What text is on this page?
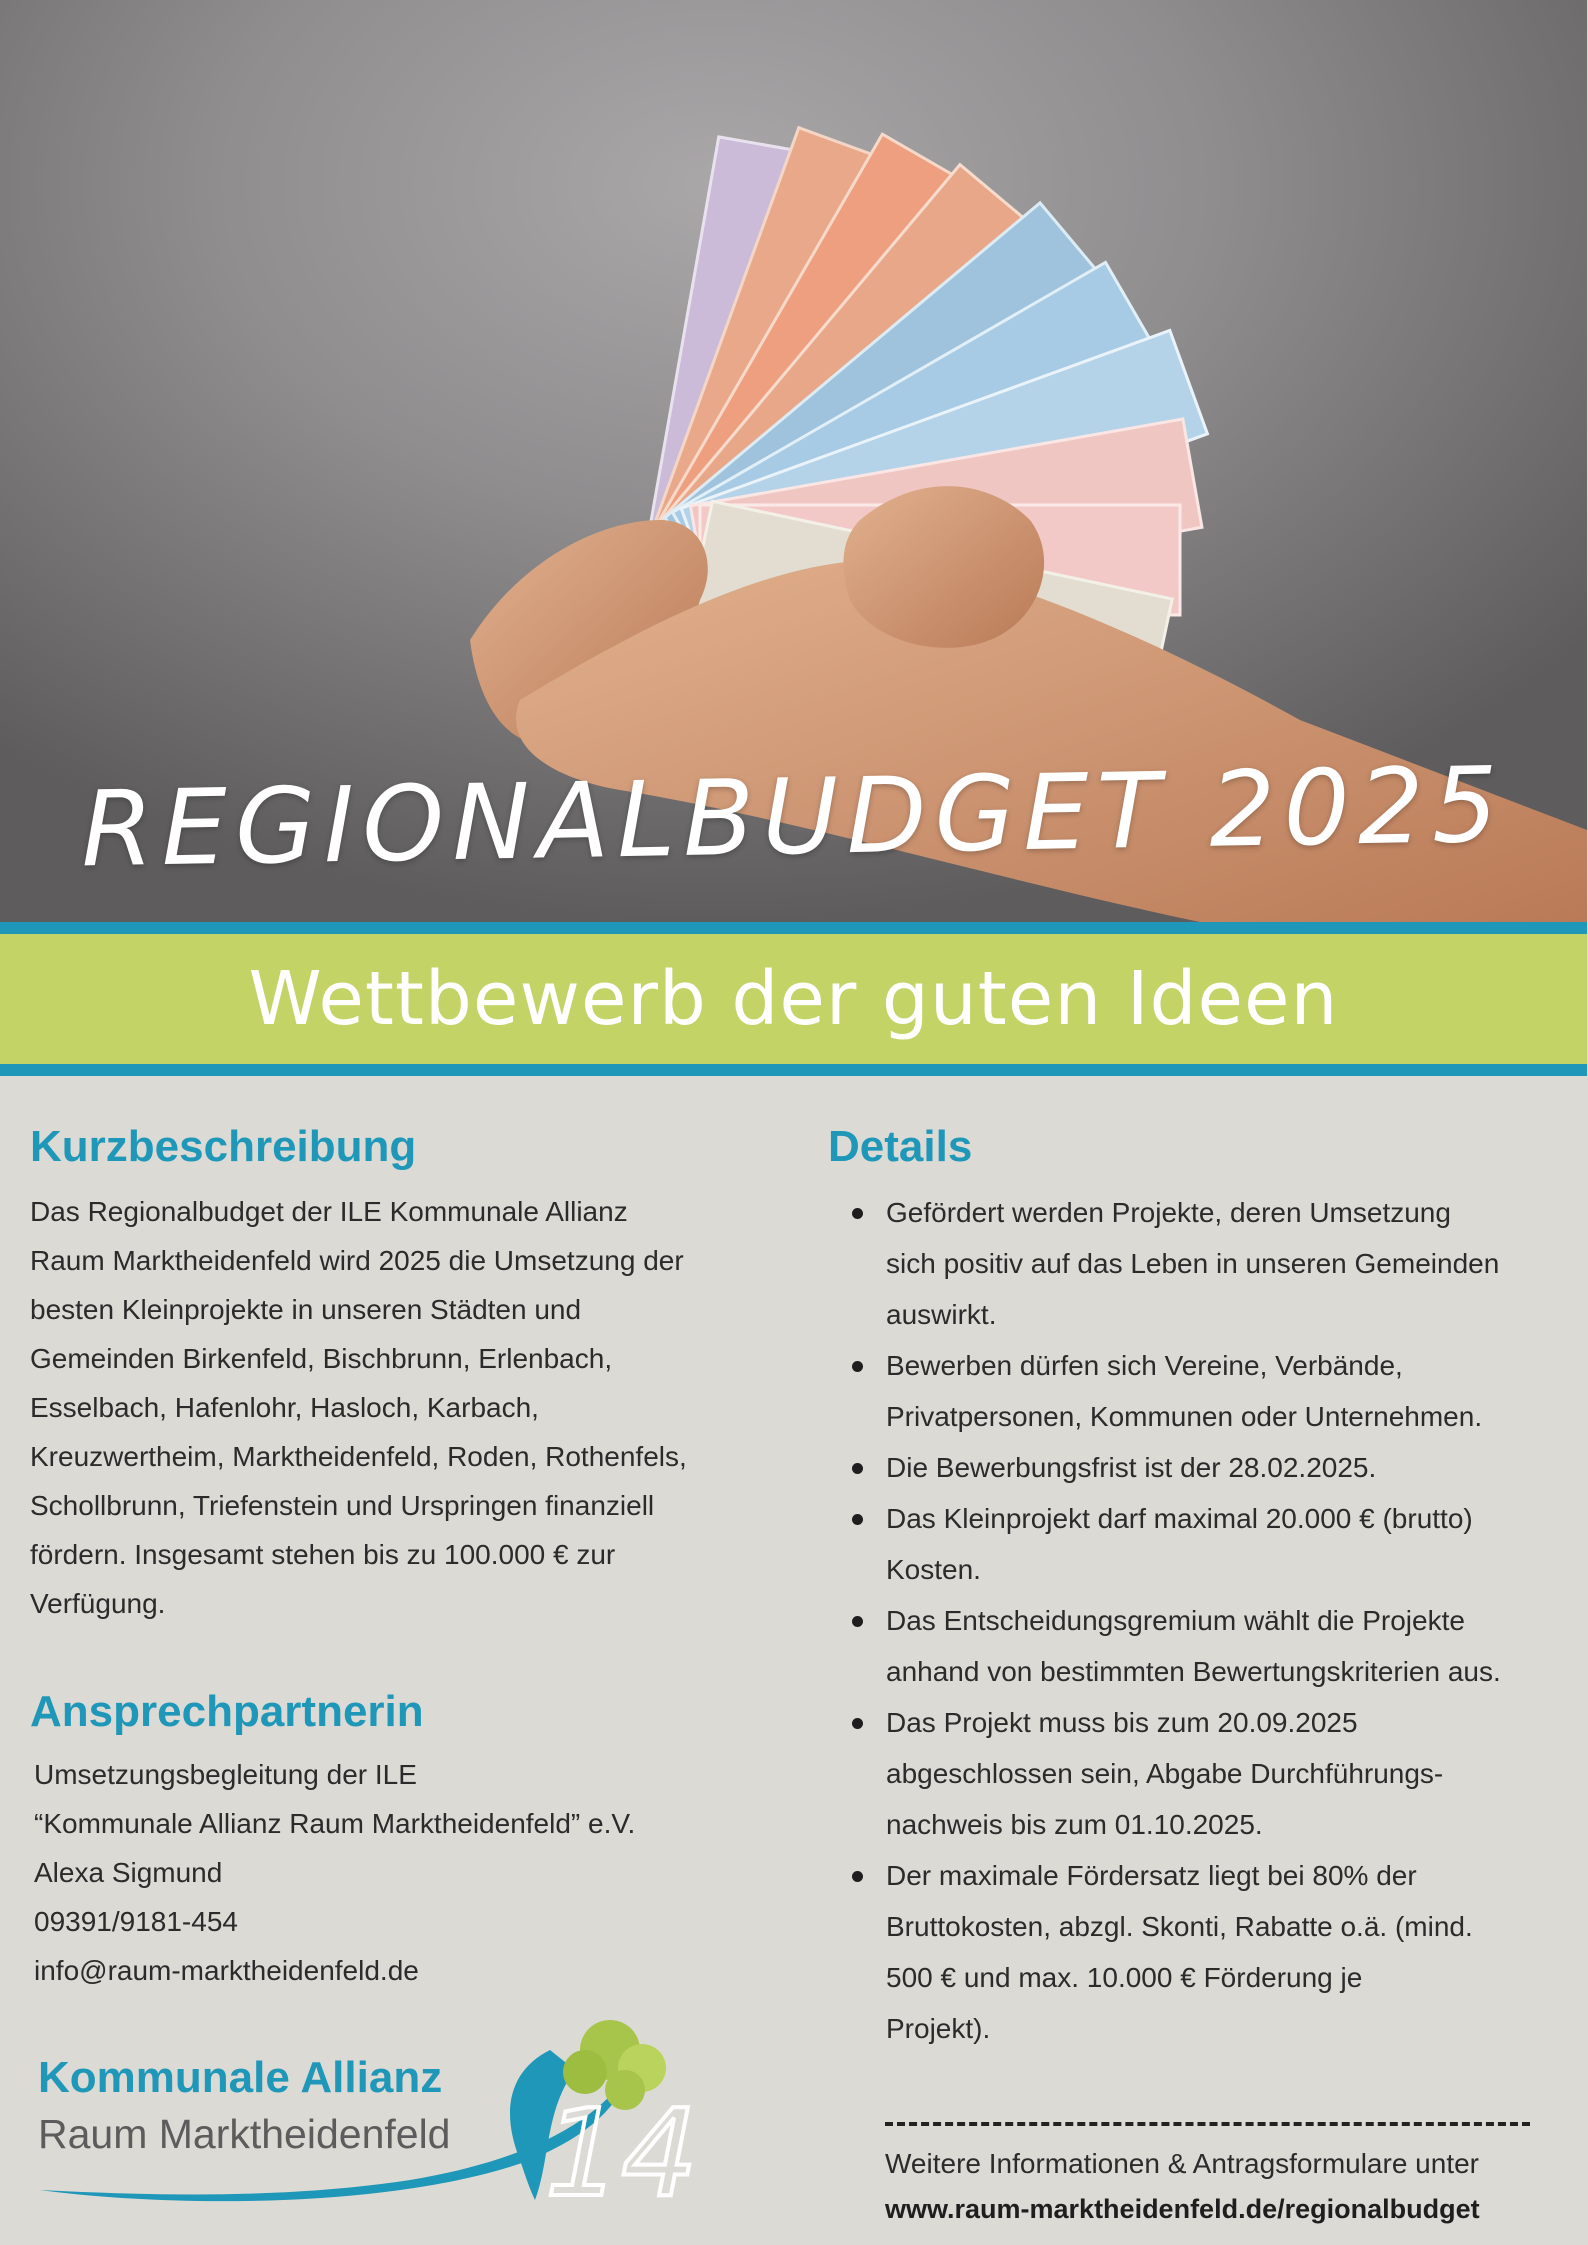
REGIONALBUDGET 2025
Wettbewerb der guten Ideen
Kurzbeschreibung
Das Regionalbudget der ILE Kommunale Allianz
Raum Marktheidenfeld wird 2025 die Umsetzung der
besten Kleinprojekte in unseren Städten und
Gemeinden Birkenfeld, Bischbrunn, Erlenbach,
Esselbach, Hafenlohr, Hasloch, Karbach,
Kreuzwertheim, Marktheidenfeld, Roden, Rothenfels,
Schollbrunn, Triefenstein und Urspringen finanziell
fördern. Insgesamt stehen bis zu 100.000 € zur
Verfügung.
Ansprechpartnerin
Umsetzungsbegleitung der ILE
“Kommunale Allianz Raum Marktheidenfeld” e.V.
Alexa Sigmund
09391/9181-454
info@raum-marktheidenfeld.de
Details
Gefördert werden Projekte, deren Umsetzung
sich positiv auf das Leben in unseren Gemeinden
auswirkt.
Bewerben dürfen sich Vereine, Verbände,
Privatpersonen, Kommunen oder Unternehmen.
Die Bewerbungsfrist ist der 28.02.2025.
Das Kleinprojekt darf maximal 20.000 € (brutto)
Kosten.
Das Entscheidungsgremium wählt die Projekte
anhand von bestimmten Bewertungskriterien aus.
Das Projekt muss bis zum 20.09.2025
abgeschlossen sein, Abgabe Durchführungs-
nachweis bis zum 01.10.2025.
Der maximale Fördersatz liegt bei 80% der
Bruttokosten, abzgl. Skonti, Rabatte o.ä. (mind.
500 € und max. 10.000 € Förderung je
Projekt).
Weitere Informationen & Antragsformulare unter
www.raum-marktheidenfeld.de/regionalbudget
14
Kommunale Allianz
Raum Marktheidenfeld
